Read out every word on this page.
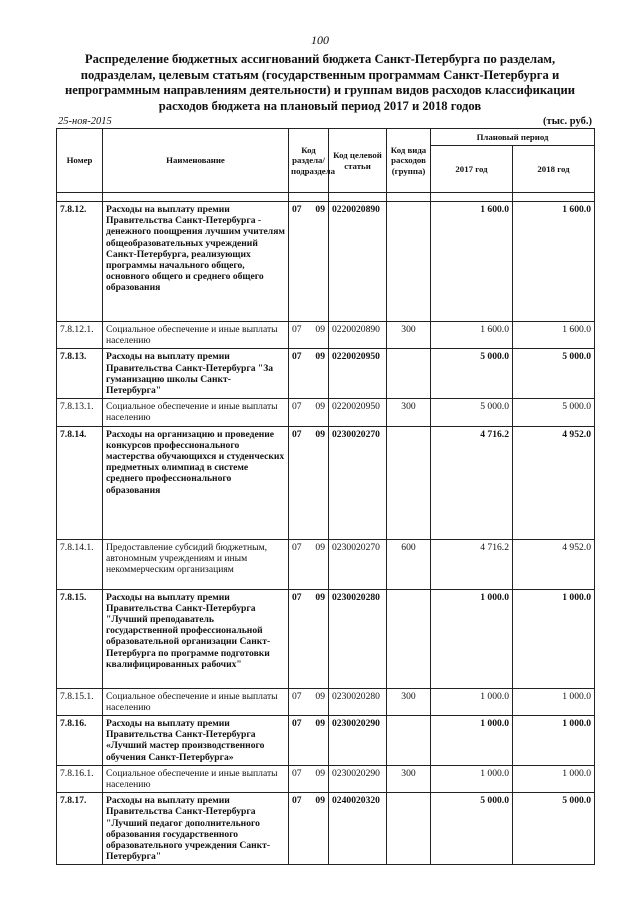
100
Распределение бюджетных ассигнований бюджета Санкт-Петербурга по разделам, подразделам, целевым статьям (государственным программам Санкт-Петербурга и непрограммным направлениям деятельности) и группам видов расходов классификации расходов бюджета на плановый период 2017 и 2018 годов
25-ноя-2015	(тыс. руб.)
Номер	Наименование	Код раздела/ подраздела	Код целевой статьи	Код вида расходов (группа)	Плановый период	
					2017 год	2018 год

7.8.12.	Расходы на выплату премии Правительства Санкт-Петербурга - денежного поощрения лучшим учителям общеобразовательных учреждений Санкт-Петербурга, реализующих программы начального общего, основного общего и среднего общего образования	07 09	0220020890		1 600.0	1 600.0
7.8.12.1.	Социальное обеспечение и иные выплаты населению	07 09	0220020890	300	1 600.0	1 600.0
7.8.13.	Расходы на выплату премии Правительства Санкт-Петербурга "За гуманизацию школы Санкт-Петербурга"	07 09	0220020950		5 000.0	5 000.0
7.8.13.1.	Социальное обеспечение и иные выплаты населению	07 09	0220020950	300	5 000.0	5 000.0
7.8.14.	Расходы на организацию и проведение конкурсов профессионального мастерства обучающихся и студенческих предметных олимпиад в системе среднего профессионального образования	07 09	0230020270		4 716.2	4 952.0
7.8.14.1.	Предоставление субсидий бюджетным, автономным учреждениям и иным некоммерческим организациям	07 09	0230020270	600	4 716.2	4 952.0
7.8.15.	Расходы на выплату премии Правительства Санкт-Петербурга "Лучший преподаватель государственной профессиональной образовательной организации Санкт-Петербурга по программе подготовки квалифицированных рабочих"	07 09	0230020280		1 000.0	1 000.0
7.8.15.1.	Социальное обеспечение и иные выплаты населению	07 09	0230020280	300	1 000.0	1 000.0
7.8.16.	Расходы на выплату премии Правительства Санкт-Петербурга «Лучший мастер производственного обучения Санкт-Петербурга»	07 09	0230020290		1 000.0	1 000.0
7.8.16.1.	Социальное обеспечение и иные выплаты населению	07 09	0230020290	300	1 000.0	1 000.0
7.8.17.	Расходы на выплату премии Правительства Санкт-Петербурга "Лучший педагог дополнительного образования государственного образовательного учреждения Санкт-Петербурга"	07 09	0240020320		5 000.0	5 000.0
